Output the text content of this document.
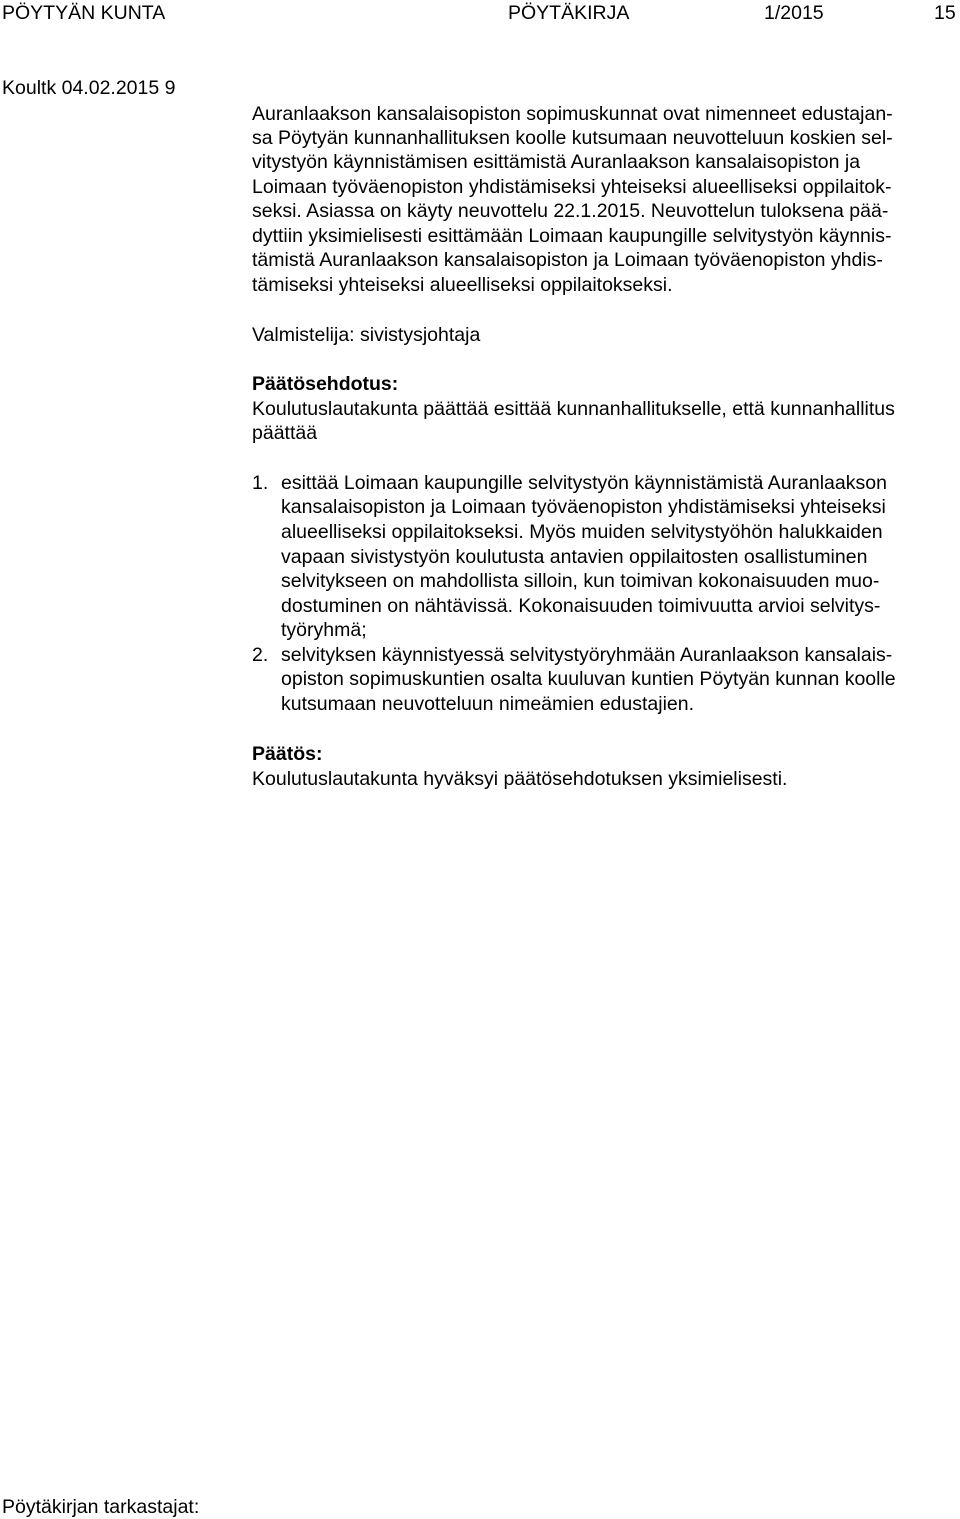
PÖYTYÄN KUNTA	PÖYTÄKIRJA	1/2015	15
Koultk 04.02.2015 9
Auranlaakson kansalaisopiston sopimuskunnat ovat nimenneet edustajan-
sa Pöytyän kunnanhallituksen koolle kutsumaan neuvotteluun koskien sel-
vitystyön käynnistämisen esittämistä Auranlaakson kansalaisopiston ja
Loimaan työväenopiston yhdistämiseksi yhteiseksi alueelliseksi oppilaitok-
seksi. Asiassa on käyty neuvottelu 22.1.2015. Neuvottelun tuloksena pää-
dyttiin yksimielisesti esittämään Loimaan kaupungille selvitystyön käynnis-
tämistä Auranlaakson kansalaisopiston ja Loimaan työväenopiston yhdis-
tämiseksi yhteiseksi alueelliseksi oppilaitokseksi.
Valmistelija: sivistysjohtaja
Päätösehdotus:
Koulutuslautakunta päättää esittää kunnanhallitukselle, että kunnanhallitus
päättää
1. esittää Loimaan kaupungille selvitystyön käynnistämistä Auranlaakson
kansalaisopiston ja Loimaan työväenopiston yhdistämiseksi yhteiseksi
alueelliseksi oppilaitokseksi. Myös muiden selvitystyöhön halukkaiden
vapaan sivistystyön koulutusta antavien oppilaitosten osallistuminen
selvitykseen on mahdollista silloin, kun toimivan kokonaisuuden muo-
dostuminen on nähtävissä. Kokonaisuuden toimivuutta arvioi selvitys-
työryhmä;
2. selvityksen käynnistyessä selvitystyöryhmään Auranlaakson kansalais-
opiston sopimuskuntien osalta kuuluvan kuntien Pöytyän kunnan koolle
kutsumaan neuvotteluun nimeämien edustajien.
Päätös:
Koulutuslautakunta hyväksyi päätösehdotuksen yksimielisesti.
Pöytäkirjan tarkastajat:
